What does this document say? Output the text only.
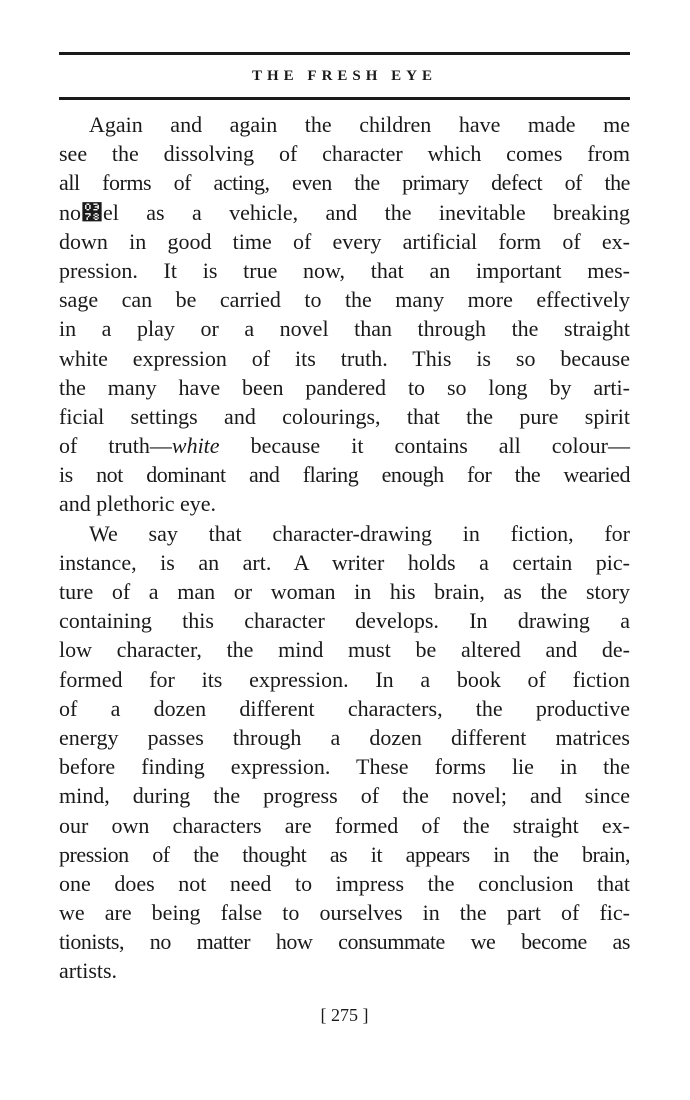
THE FRESH EYE
Again and again the children have made me
see the dissolving of character which comes from
all forms of acting, even the primary defect of the
no͸el as a vehicle, and the inevitable breaking
down in good time of every artificial form of ex-
pression. It is true now, that an important mes-
sage can be carried to the many more effectively
in a play or a novel than through the straight
white expression of its truth. This is so because
the many have been pandered to so long by arti-
ficial settings and colourings, that the pure spirit
of truth—white because it contains all colour—
is not dominant and flaring enough for the wearied
and plethoric eye.
We say that character-drawing in fiction, for
instance, is an art. A writer holds a certain pic-
ture of a man or woman in his brain, as the story
containing this character develops. In drawing a
low character, the mind must be altered and de-
formed for its expression. In a book of fiction
of a dozen different characters, the productive
energy passes through a dozen different matrices
before finding expression. These forms lie in the
mind, during the progress of the novel; and since
our own characters are formed of the straight ex-
pression of the thought as it appears in the brain,
one does not need to impress the conclusion that
we are being false to ourselves in the part of fic-
tionists, no matter how consummate we become as
artists.
[ 275 ]
